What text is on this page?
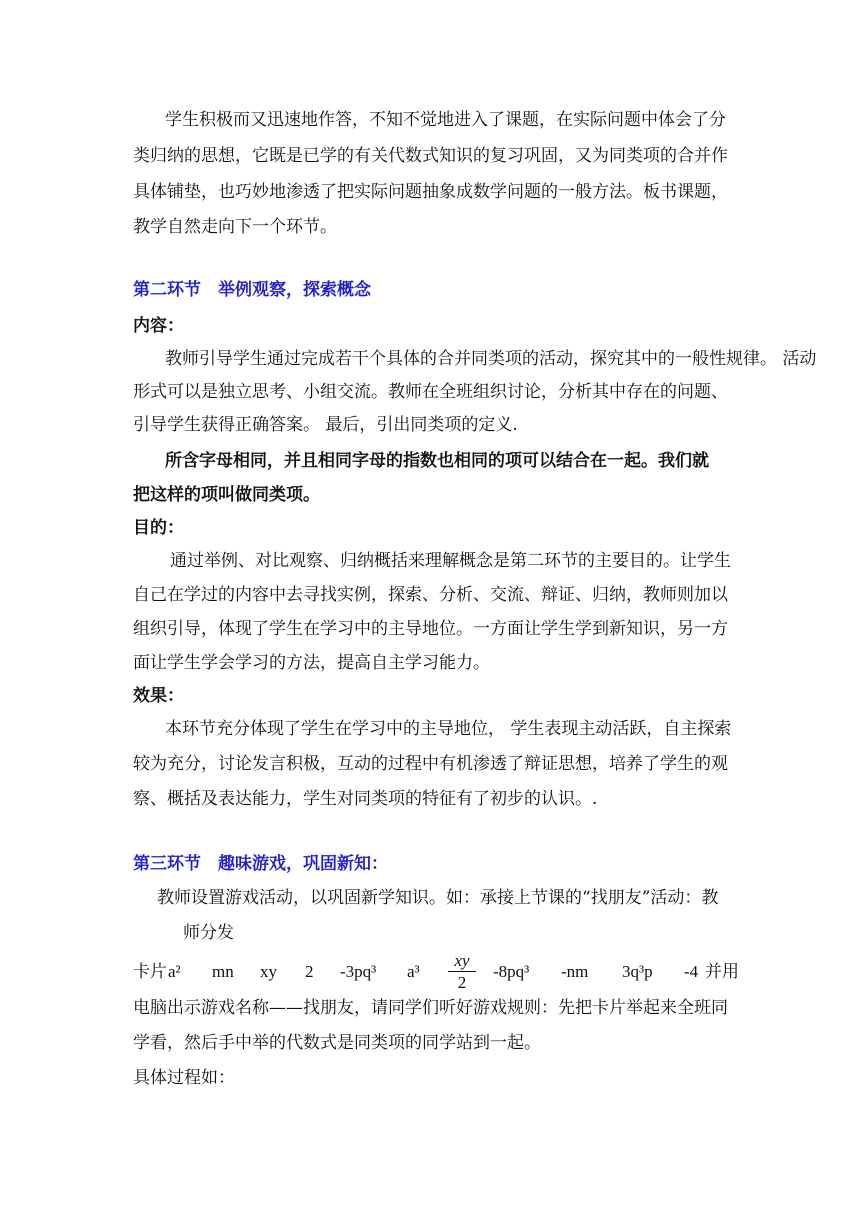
学生积极而又迅速地作答，不知不觉地进入了课题，在实际问题中体会了分
类归纳的思想，它既是已学的有关代数式知识的复习巩固，又为同类项的合并作
具体铺垫，也巧妙地渗透了把实际问题抽象成数学问题的一般方法。板书课题，
教学自然走向下一个环节。
第二环节　举例观察，探索概念
内容：
教师引导学生通过完成若干个具体的合并同类项的活动，探究其中的一般性规律。 活动
形式可以是独立思考、小组交流。教师在全班组织讨论，分析其中存在的问题、
引导学生获得正确答案。 最后，引出同类项的定义.
所含字母相同，并且相同字母的指数也相同的项可以结合在一起。我们就
把这样的项叫做同类项。
目的：
通过举例、对比观察、归纳概括来理解概念是第二环节的主要目的。让学生
自己在学过的内容中去寻找实例，探索、分析、交流、辩证、归纳，教师则加以
组织引导，体现了学生在学习中的主导地位。一方面让学生学到新知识，另一方
面让学生学会学习的方法，提高自主学习能力。
效果：
本环节充分体现了学生在学习中的主导地位， 学生表现主动活跃，自主探索
较为充分，讨论发言积极，互动的过程中有机渗透了辩证思想，培养了学生的观
察、概括及表达能力，学生对同类项的特征有了初步的认识。.
第三环节　趣味游戏，巩固新知：
教师设置游戏活动，以巩固新学知识。如：承接上节课的“找朋友”活动：教
师分发
卡片 a² mn xy 2 -3pq³ $a^3 \frac{xy}{2} -8pq^3$ -nm 3q³p -4 并用
电脑出示游戏名称——找朋友，请同学们听好游戏规则：先把卡片举起来全班同
学看，然后手中举的代数式是同类项的同学站到一起。
具体过程如：
